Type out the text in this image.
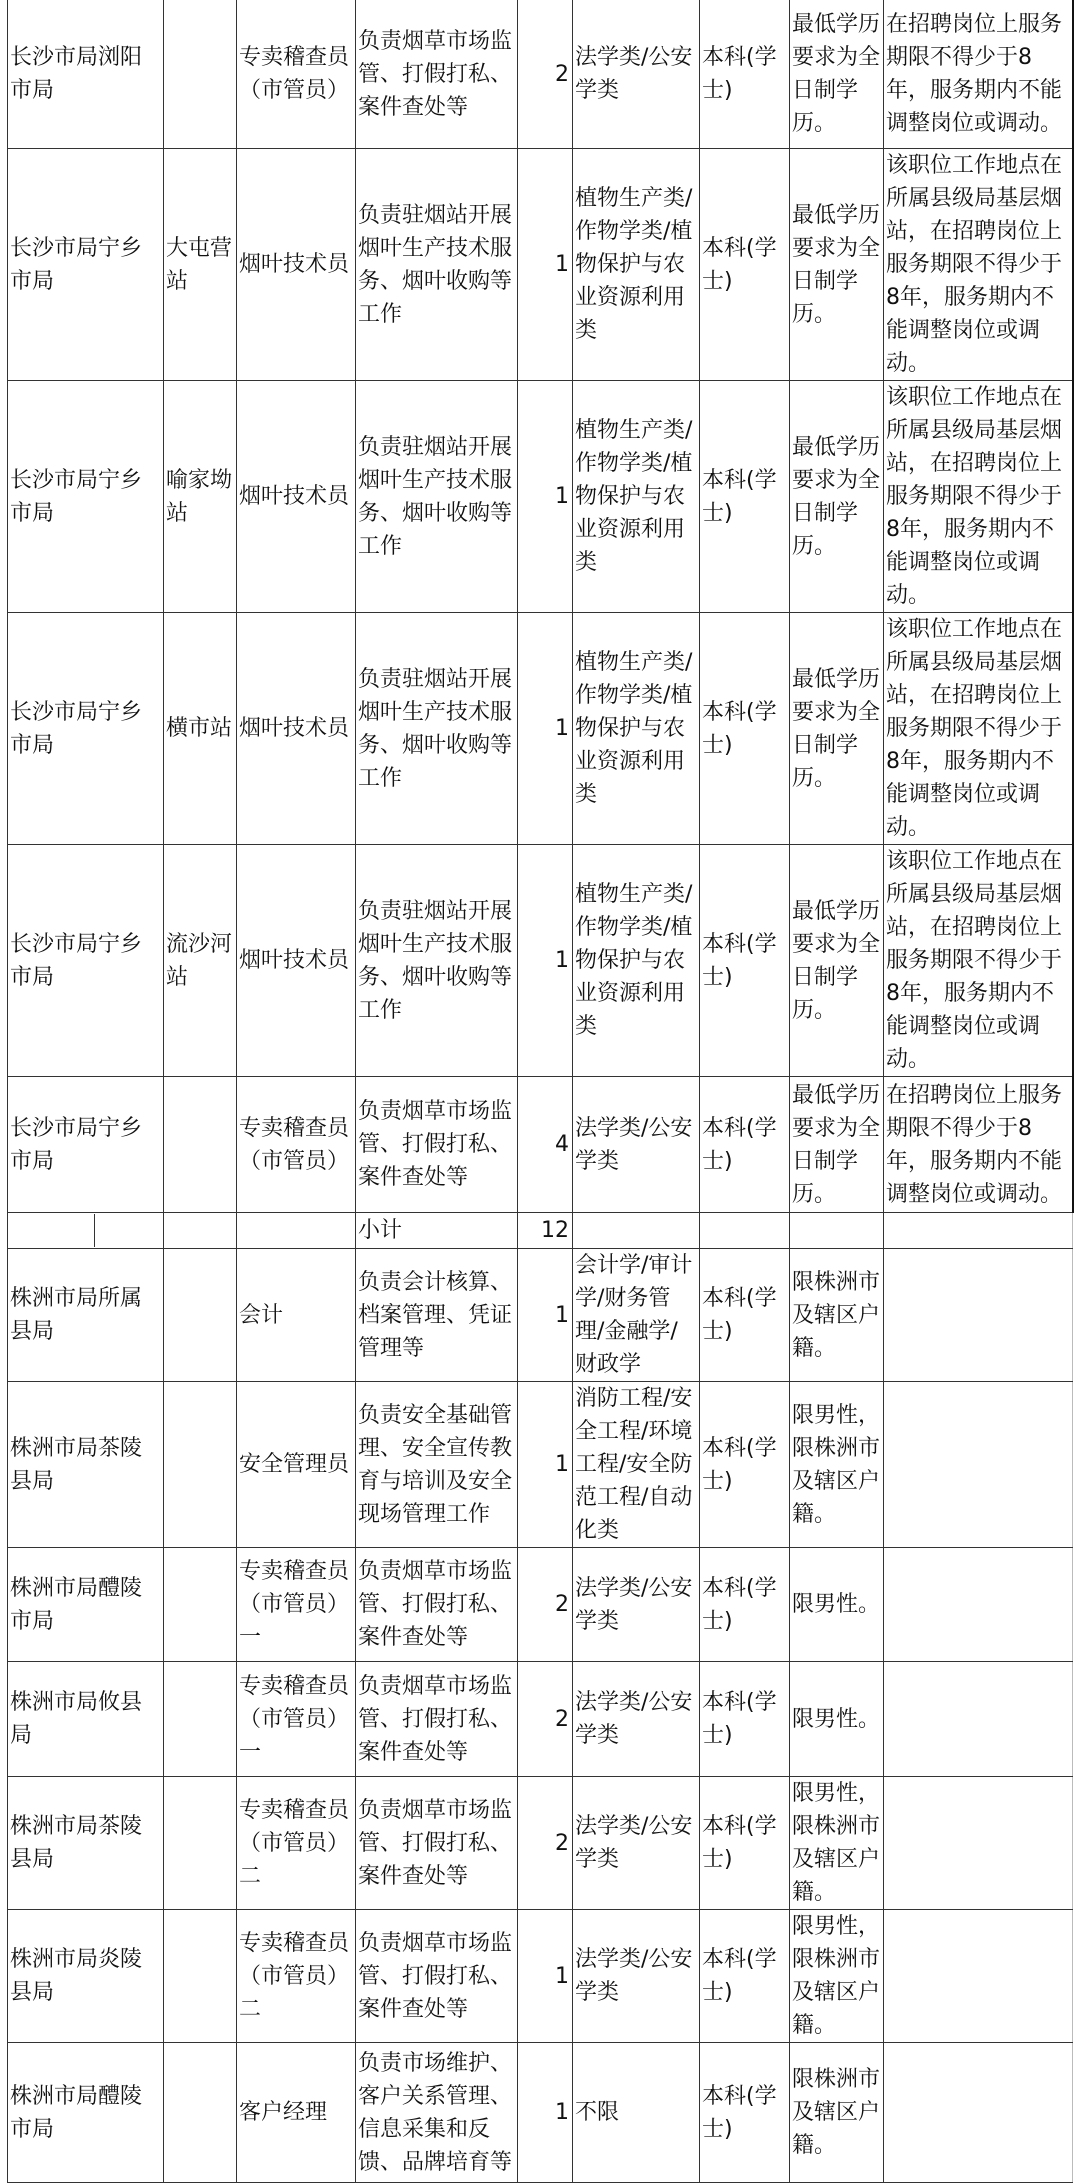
长沙市局浏阳市局		专卖稽查员（市管员）	负责烟草市场监管、打假打私、案件查处等	2	法学类/公安学类	本科(学士)	最低学历要求为全日制学历。	在招聘岗位上服务期限不得少于8年，服务期内不能调整岗位或调动。
长沙市局宁乡市局	大屯营站	烟叶技术员	负责驻烟站开展烟叶生产技术服务、烟叶收购等工作	1	植物生产类/作物学类/植物保护与农业资源利用类	本科(学士)	最低学历要求为全日制学历。	该职位工作地点在所属县级局基层烟站，在招聘岗位上服务期限不得少于8年，服务期内不能调整岗位或调动。
长沙市局宁乡市局	喻家坳站	烟叶技术员	负责驻烟站开展烟叶生产技术服务、烟叶收购等工作	1	植物生产类/作物学类/植物保护与农业资源利用类	本科(学士)	最低学历要求为全日制学历。	该职位工作地点在所属县级局基层烟站，在招聘岗位上服务期限不得少于8年，服务期内不能调整岗位或调动。
长沙市局宁乡市局	横市站	烟叶技术员	负责驻烟站开展烟叶生产技术服务、烟叶收购等工作	1	植物生产类/作物学类/植物保护与农业资源利用类	本科(学士)	最低学历要求为全日制学历。	该职位工作地点在所属县级局基层烟站，在招聘岗位上服务期限不得少于8年，服务期内不能调整岗位或调动。
长沙市局宁乡市局	流沙河站	烟叶技术员	负责驻烟站开展烟叶生产技术服务、烟叶收购等工作	1	植物生产类/作物学类/植物保护与农业资源利用类	本科(学士)	最低学历要求为全日制学历。	该职位工作地点在所属县级局基层烟站，在招聘岗位上服务期限不得少于8年，服务期内不能调整岗位或调动。
长沙市局宁乡市局		专卖稽查员（市管员）	负责烟草市场监管、打假打私、案件查处等	4	法学类/公安学类	本科(学士)	最低学历要求为全日制学历。	在招聘岗位上服务期限不得少于8年，服务期内不能调整岗位或调动。

			小计	12				
株洲市局所属县局		会计	负责会计核算、档案管理、凭证管理等	1	会计学/审计学/财务管理/金融学/财政学	本科(学士)	限株洲市及辖区户籍。	
株洲市局茶陵县局		安全管理员	负责安全基础管理、安全宣传教育与培训及安全现场管理工作	1	消防工程/安全工程/环境工程/安全防范工程/自动化类	本科(学士)	限男性，限株洲市及辖区户籍。	
株洲市局醴陵市局		专卖稽查员（市管员）一	负责烟草市场监管、打假打私、案件查处等	2	法学类/公安学类	本科(学士)	限男性。	
株洲市局攸县局		专卖稽查员（市管员）一	负责烟草市场监管、打假打私、案件查处等	2	法学类/公安学类	本科(学士)	限男性。	
株洲市局茶陵县局		专卖稽查员（市管员）二	负责烟草市场监管、打假打私、案件查处等	2	法学类/公安学类	本科(学士)	限男性，限株洲市及辖区户籍。	
株洲市局炎陵县局		专卖稽查员（市管员）二	负责烟草市场监管、打假打私、案件查处等	1	法学类/公安学类	本科(学士)	限男性，限株洲市及辖区户籍。	
株洲市局醴陵市局		客户经理	负责市场维护、客户关系管理、信息采集和反馈、品牌培育等	1	不限	本科(学士)	限株洲市及辖区户籍。	
